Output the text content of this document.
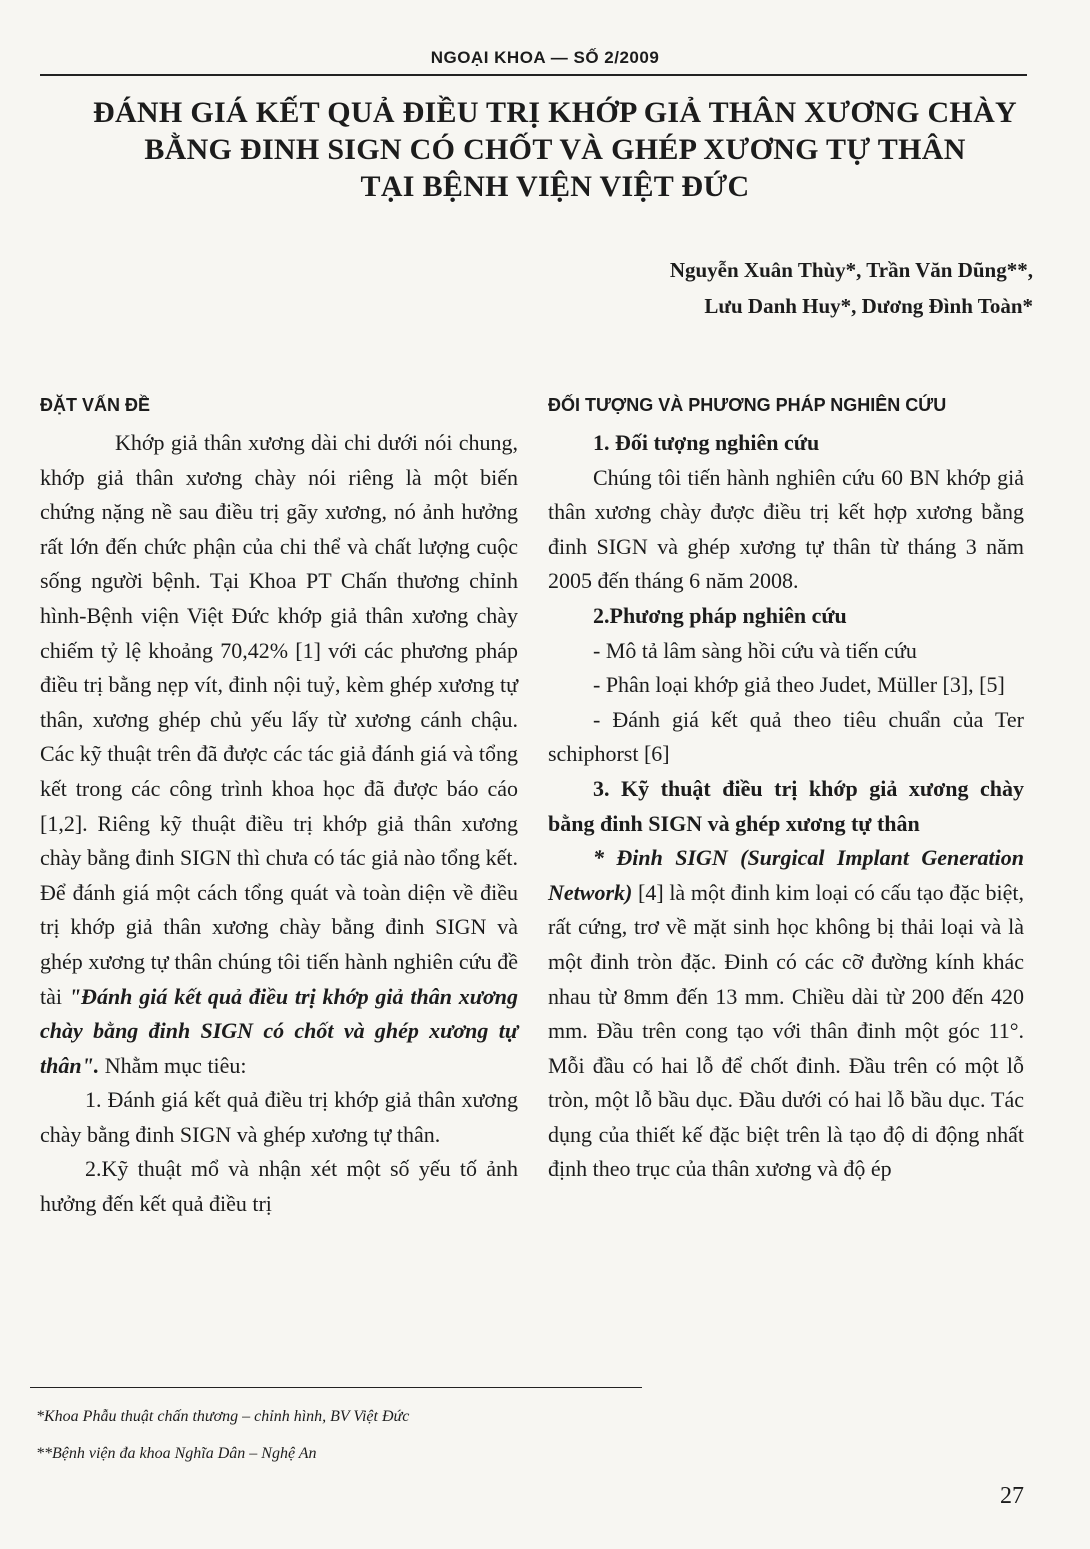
NGOẠI KHOA — SỐ 2/2009
ĐÁNH GIÁ KẾT QUẢ ĐIỀU TRỊ KHỚP GIẢ THÂN XƯƠNG CHÀY
BẰNG ĐINH SIGN CÓ CHỐT VÀ GHÉP XƯƠNG TỰ THÂN
TẠI BỆNH VIỆN VIỆT ĐỨC
Nguyễn Xuân Thùy*, Trần Văn Dũng**,
Lưu Danh Huy*, Dương Đình Toàn*
ĐẶT VẤN ĐỀ

Khớp giả thân xương dài chi dưới nói chung, khớp giả thân xương chày nói riêng là một biến chứng nặng nề sau điều trị gãy xương, nó ảnh hưởng rất lớn đến chức phận của chi thể và chất lượng cuộc sống người bệnh. Tại Khoa PT Chấn thương chỉnh hình-Bệnh viện Việt Đức khớp giả thân xương chày chiếm tỷ lệ khoảng 70,42% [1] với các phương pháp điều trị bằng nẹp vít, đinh nội tuỷ, kèm ghép xương tự thân, xương ghép chủ yếu lấy từ xương cánh chậu. Các kỹ thuật trên đã được các tác giả đánh giá và tổng kết trong các công trình khoa học đã được báo cáo [1,2]. Riêng kỹ thuật điều trị khớp giả thân xương chày bằng đinh SIGN thì chưa có tác giả nào tổng kết. Để đánh giá một cách tổng quát và toàn diện về điều trị khớp giả thân xương chày bằng đinh SIGN và ghép xương tự thân chúng tôi tiến hành nghiên cứu đề tài "Đánh giá kết quả điều trị khớp giả thân xương chày bằng đinh SIGN có chốt và ghép xương tự thân". Nhằm mục tiêu:

1. Đánh giá kết quả điều trị khớp giả thân xương chày bằng đinh SIGN và ghép xương tự thân.

2.Kỹ thuật mổ và nhận xét một số yếu tố ảnh hưởng đến kết quả điều trị

ĐỐI TƯỢNG VÀ PHƯƠNG PHÁP NGHIÊN CỨU

1. Đối tượng nghiên cứu

Chúng tôi tiến hành nghiên cứu 60 BN khớp giả thân xương chày được điều trị kết hợp xương bằng đinh SIGN và ghép xương tự thân từ tháng 3 năm 2005 đến tháng 6 năm 2008.

2.Phương pháp nghiên cứu

- Mô tả lâm sàng hồi cứu và tiến cứu

- Phân loại khớp giả theo Judet, Müller [3], [5]

- Đánh giá kết quả theo tiêu chuẩn của Ter schiphorst [6]

3. Kỹ thuật điều trị khớp giả xương chày bằng đinh SIGN và ghép xương tự thân

* Đinh SIGN (Surgical Implant Generation Network) [4] là một đinh kim loại có cấu tạo đặc biệt, rất cứng, trơ về mặt sinh học không bị thải loại và là một đinh tròn đặc. Đinh có các cỡ đường kính khác nhau từ 8mm đến 13 mm. Chiều dài từ 200 đến 420 mm. Đầu trên cong tạo với thân đinh một góc 11°. Mỗi đầu có hai lỗ để chốt đinh. Đầu trên có một lỗ tròn, một lỗ bầu dục. Đầu dưới có hai lỗ bầu dục. Tác dụng của thiết kế đặc biệt trên là tạo độ di động nhất định theo trục của thân xương và độ ép

*Khoa Phẫu thuật chấn thương – chỉnh hình, BV Việt Đức
**Bệnh viện đa khoa Nghĩa Dân – Nghệ An
27
